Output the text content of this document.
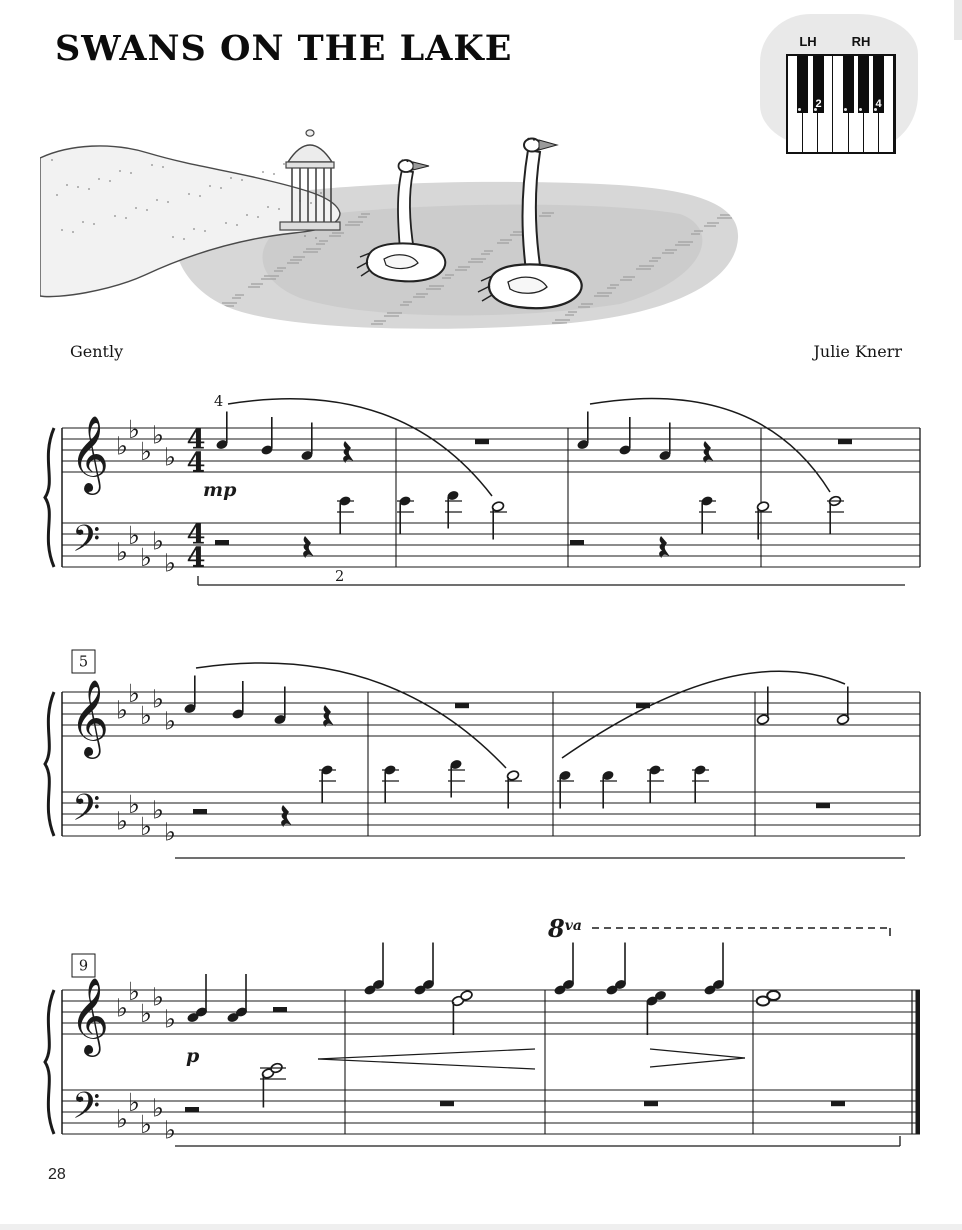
SWANS ON THE LAKE	LH	RH
2	4
Gently	Julie Knerr
𝄞
𝄢
♭
♭
♭
♭
♭
♭
♭
♭
♭
♭
4
4
4
4
4
mp
2
𝄞
𝄢
♭
♭
♭
♭
♭
♭
♭
♭
♭
♭
5
𝄞
𝄢
♭
♭
♭
♭
♭
♭
♭
♭
♭
♭
$8^{va}$
p
9
28
